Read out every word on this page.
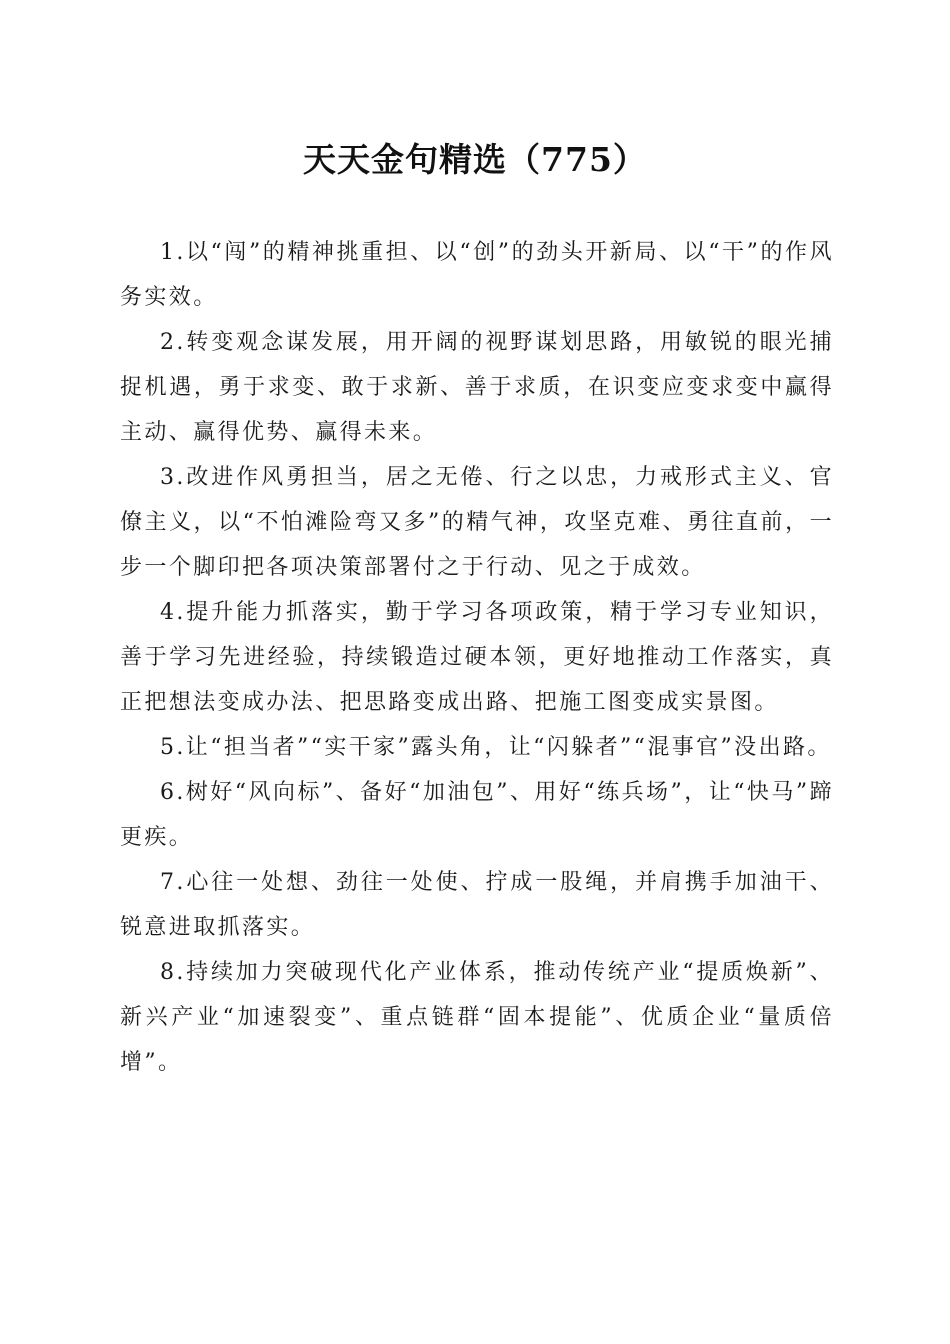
天天金句精选（775）

1.以“闯”的精神挑重担、以“创”的劲头开新局、以“干”的作风务实效。

2.转变观念谋发展，用开阔的视野谋划思路，用敏锐的眼光捕捉机遇，勇于求变、敢于求新、善于求质，在识变应变求变中赢得主动、赢得优势、赢得未来。

3.改进作风勇担当，居之无倦、行之以忠，力戒形式主义、官僚主义，以“不怕滩险弯又多”的精气神，攻坚克难、勇往直前，一步一个脚印把各项决策部署付之于行动、见之于成效。

4.提升能力抓落实，勤于学习各项政策，精于学习专业知识，善于学习先进经验，持续锻造过硬本领，更好地推动工作落实，真正把想法变成办法、把思路变成出路、把施工图变成实景图。

5.让“担当者”“实干家”露头角，让“闪躲者”“混事官”没出路。

6.树好“风向标”、备好“加油包”、用好“练兵场”，让“快马”蹄更疾。

7.心往一处想、劲往一处使、拧成一股绳，并肩携手加油干、锐意进取抓落实。

8.持续加力突破现代化产业体系，推动传统产业“提质焕新”、新兴产业“加速裂变”、重点链群“固本提能”、优质企业“量质倍增”。
